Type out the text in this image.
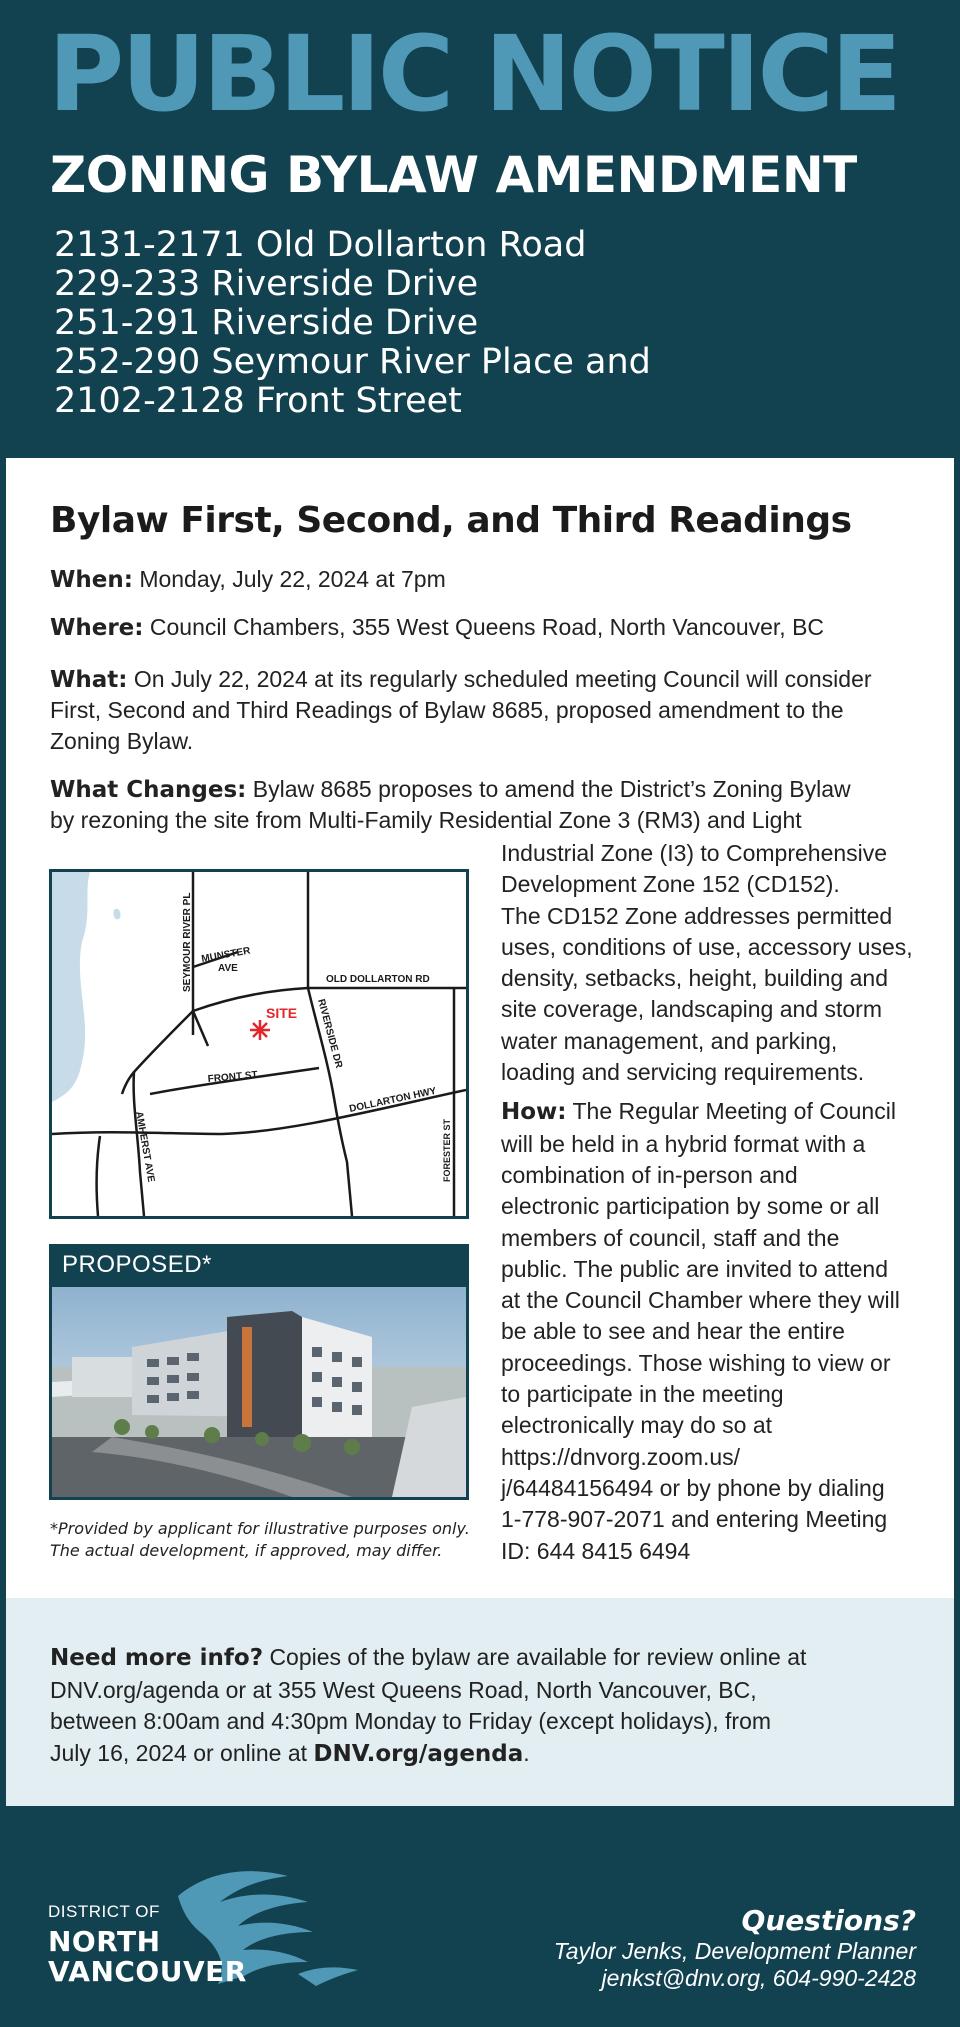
PUBLIC NOTICE
ZONING BYLAW AMENDMENT
2131-2171 Old Dollarton Road
229-233 Riverside Drive
251-291 Riverside Drive
252-290 Seymour River Place and
2102-2128 Front Street
Bylaw First, Second, and Third Readings

When: Monday, July 22, 2024 at 7pm

Where: Council Chambers, 355 West Queens Road, North Vancouver, BC

What: On July 22, 2024 at its regularly scheduled meeting Council will consider

First, Second and Third Readings of Bylaw 8685, proposed amendment to the

Zoning Bylaw.

What Changes: Bylaw 8685 proposes to amend the District’s Zoning Bylaw

by rezoning the site from Multi-Family Residential Zone 3 (RM3) and Light

SEYMOUR RIVER PL MUNSTER
AVE
OLD DOLLARTON RD
SITE RIVERSIDE DR
FRONT ST
DOLLARTON HWY
FORESTER ST
AMHERST AVE
PROPOSED*

*Provided by applicant for illustrative purposes only.
The actual development, if approved, may differ.

Industrial Zone (I3) to Comprehensive
Development Zone 152 (CD152).
The CD152 Zone addresses permitted
uses, conditions of use, accessory uses,
density, setbacks, height, building and
site coverage, landscaping and storm
water management, and parking,
loading and servicing requirements.

How: The Regular Meeting of Council
will be held in a hybrid format with a
combination of in-person and
electronic participation by some or all
members of council, staff and the
public. The public are invited to attend
at the Council Chamber where they will
be able to see and hear the entire
proceedings. Those wishing to view or
to participate in the meeting
electronically may do so at
https://dnvorg.zoom.us/
j/64484156494 or by phone by dialing
1-778-907-2071 and entering Meeting
ID: 644 8415 6494

Need more info? Copies of the bylaw are available for review online at
DNV.org/agenda or at 355 West Queens Road, North Vancouver, BC,
between 8:00am and 4:30pm Monday to Friday (except holidays), from
July 16, 2024 or online at DNV.org/agenda.

DISTRICT OF
NORTH
VANCOUVER
Questions?
Taylor Jenks, Development Planner
jenkst@dnv.org, 604-990-2428
